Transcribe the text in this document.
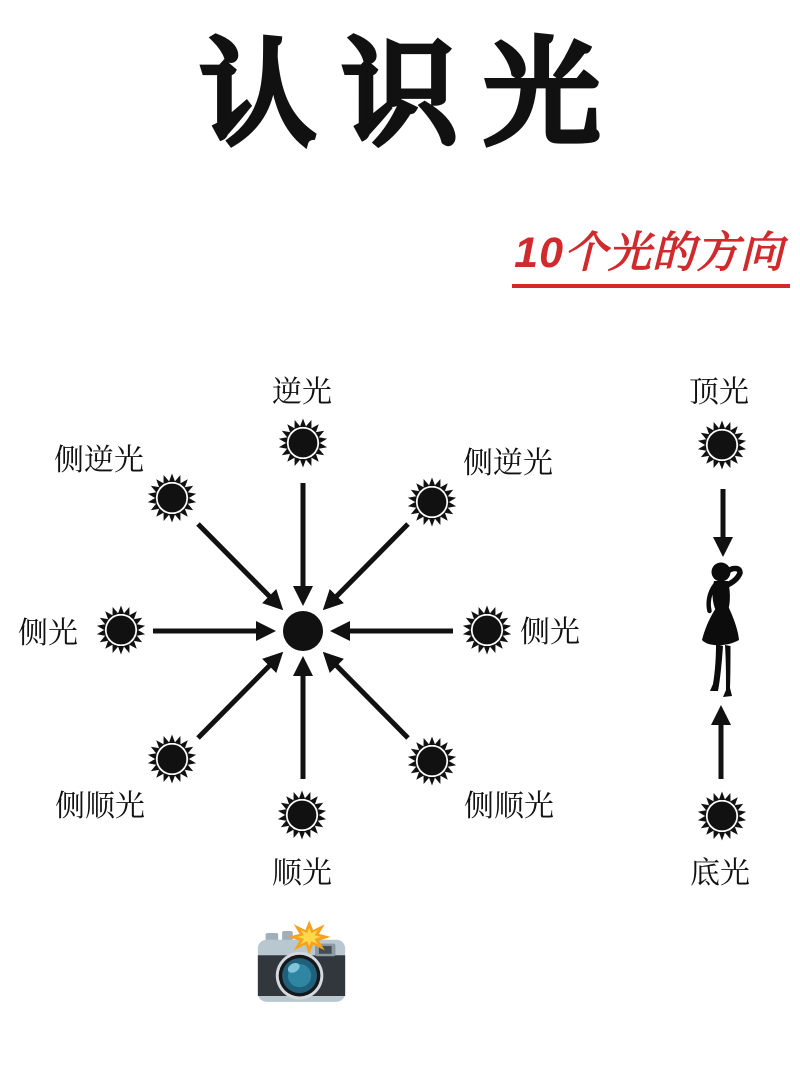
认识光
10个光的方向
逆光
侧逆光	侧逆光
侧光	侧光
侧顺光	侧顺光
顺光
顶光
底光
